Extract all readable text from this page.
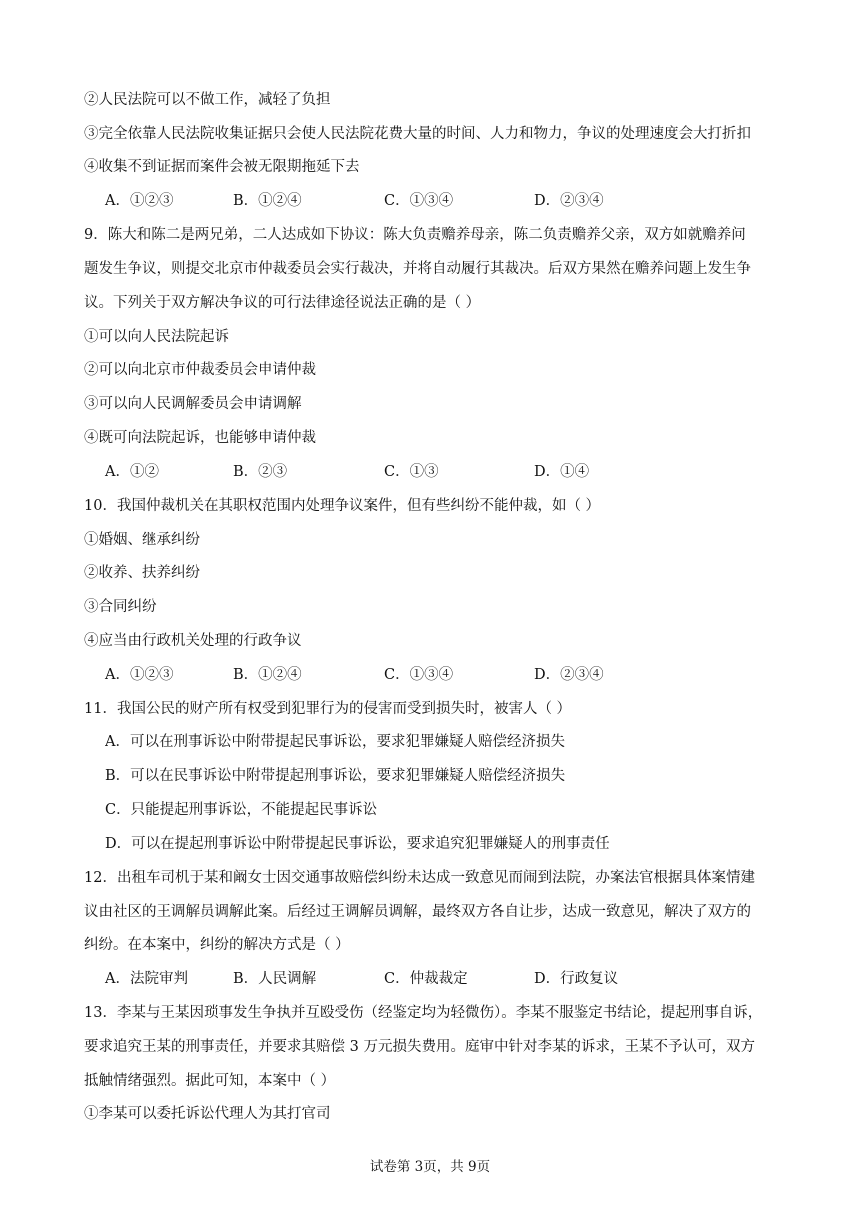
②人民法院可以不做工作，减轻了负担
③完全依靠人民法院收集证据只会使人民法院花费大量的时间、人力和物力，争议的处理速度会大打折扣
④收集不到证据而案件会被无限期拖延下去
A．①②③	B．①②④	C．①③④	D．②③④
9．陈大和陈二是两兄弟，二人达成如下协议：陈大负责赡养母亲，陈二负责赡养父亲，双方如就赡养问
题发生争议，则提交北京市仲裁委员会实行裁决，并将自动履行其裁决。后双方果然在赡养问题上发生争
议。下列关于双方解决争议的可行法律途径说法正确的是（ ）
①可以向人民法院起诉
②可以向北京市仲裁委员会申请仲裁
③可以向人民调解委员会申请调解
④既可向法院起诉，也能够申请仲裁
A．①②	B．②③	C．①③	D．①④
10．我国仲裁机关在其职权范围内处理争议案件，但有些纠纷不能仲裁，如（ ）
①婚姻、继承纠纷
②收养、扶养纠纷
③合同纠纷
④应当由行政机关处理的行政争议
A．①②③	B．①②④	C．①③④	D．②③④
11．我国公民的财产所有权受到犯罪行为的侵害而受到损失时，被害人（ ）
A．可以在刑事诉讼中附带提起民事诉讼，要求犯罪嫌疑人赔偿经济损失
B．可以在民事诉讼中附带提起刑事诉讼，要求犯罪嫌疑人赔偿经济损失
C．只能提起刑事诉讼，不能提起民事诉讼
D．可以在提起刑事诉讼中附带提起民事诉讼，要求追究犯罪嫌疑人的刑事责任
12．出租车司机于某和阚女士因交通事故赔偿纠纷未达成一致意见而闹到法院，办案法官根据具体案情建
议由社区的王调解员调解此案。后经过王调解员调解，最终双方各自让步，达成一致意见，解决了双方的
纠纷。在本案中，纠纷的解决方式是（ ）
A．法院审判	B．人民调解	C．仲裁裁定	D．行政复议
13．李某与王某因琐事发生争执并互殴受伤（经鉴定均为轻微伤）。李某不服鉴定书结论，提起刑事自诉，
要求追究王某的刑事责任，并要求其赔偿 3 万元损失费用。庭审中针对李某的诉求，王某不予认可，双方
抵触情绪强烈。据此可知，本案中（ ）
①李某可以委托诉讼代理人为其打官司
试卷第 3页，共 9页
